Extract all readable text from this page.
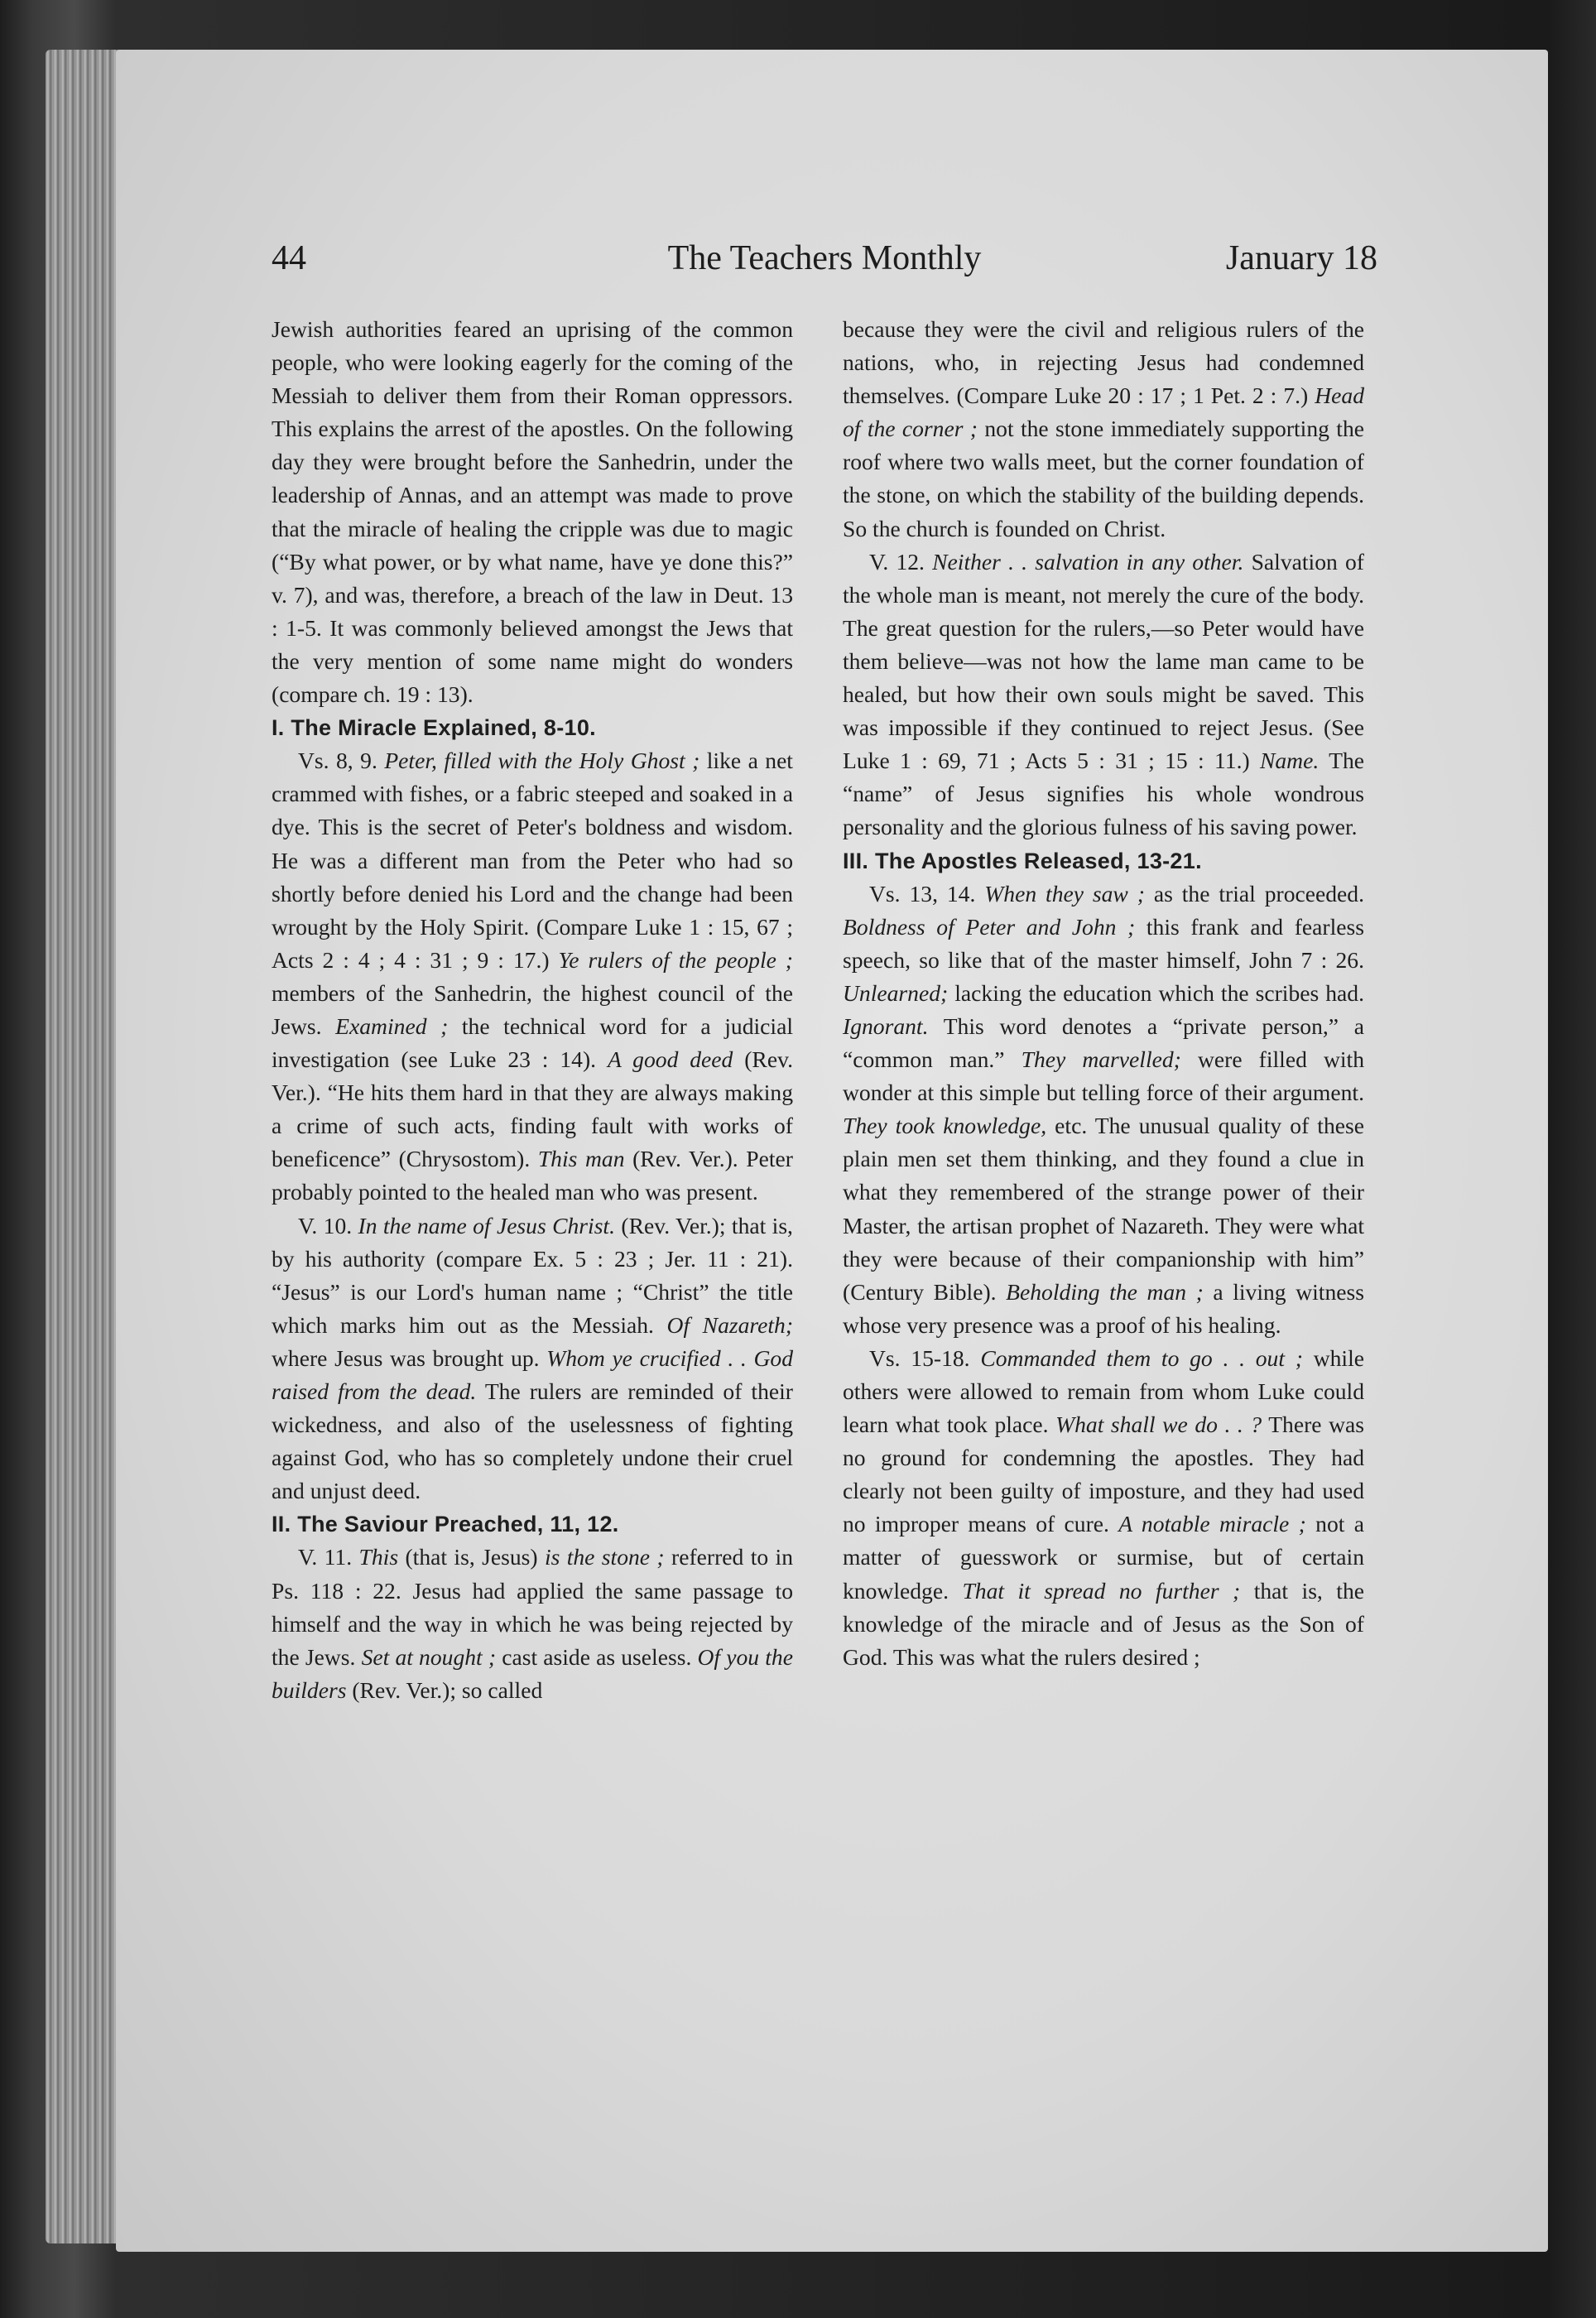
44	The Teachers Monthly	January 18

Jewish authorities feared an uprising of the common people, who were looking eagerly for the coming of the Messiah to deliver them from their Roman oppressors. This explains the arrest of the apostles. On the following day they were brought before the Sanhedrin, under the leadership of Annas, and an attempt was made to prove that the miracle of healing the cripple was due to magic (“By what power, or by what name, have ye done this?” v. 7), and was, therefore, a breach of the law in Deut. 13 : 1-5. It was commonly believed amongst the Jews that the very mention of some name might do wonders (compare ch. 19 : 13).

I. The Miracle Explained, 8-10.

Vs. 8, 9. Peter, filled with the Holy Ghost ; like a net crammed with fishes, or a fabric steeped and soaked in a dye. This is the secret of Peter's boldness and wisdom. He was a different man from the Peter who had so shortly before denied his Lord and the change had been wrought by the Holy Spirit. (Compare Luke 1 : 15, 67 ; Acts 2 : 4 ; 4 : 31 ; 9 : 17.) Ye rulers of the people ; members of the Sanhedrin, the highest council of the Jews. Examined ; the technical word for a judicial investigation (see Luke 23 : 14). A good deed (Rev. Ver.). “He hits them hard in that they are always making a crime of such acts, finding fault with works of beneficence” (Chrysostom). This man (Rev. Ver.). Peter probably pointed to the healed man who was present.

V. 10. In the name of Jesus Christ. (Rev. Ver.); that is, by his authority (compare Ex. 5 : 23 ; Jer. 11 : 21). “Jesus” is our Lord's human name ; “Christ” the title which marks him out as the Messiah. Of Nazareth; where Jesus was brought up. Whom ye crucified . . God raised from the dead. The rulers are reminded of their wickedness, and also of the uselessness of fighting against God, who has so completely undone their cruel and unjust deed.

II. The Saviour Preached, 11, 12.

V. 11. This (that is, Jesus) is the stone ; referred to in Ps. 118 : 22. Jesus had applied the same passage to himself and the way in which he was being rejected by the Jews. Set at nought ; cast aside as useless. Of you the builders (Rev. Ver.); so called

because they were the civil and religious rulers of the nations, who, in rejecting Jesus had condemned themselves. (Compare Luke 20 : 17 ; 1 Pet. 2 : 7.) Head of the corner ; not the stone immediately supporting the roof where two walls meet, but the corner foundation of the stone, on which the stability of the building depends. So the church is founded on Christ.

V. 12. Neither . . salvation in any other. Salvation of the whole man is meant, not merely the cure of the body. The great question for the rulers,—so Peter would have them believe—was not how the lame man came to be healed, but how their own souls might be saved. This was impossible if they continued to reject Jesus. (See Luke 1 : 69, 71 ; Acts 5 : 31 ; 15 : 11.) Name. The “name” of Jesus signifies his whole wondrous personality and the glorious fulness of his saving power.

III. The Apostles Released, 13-21.

Vs. 13, 14. When they saw ; as the trial proceeded. Boldness of Peter and John ; this frank and fearless speech, so like that of the master himself, John 7 : 26. Unlearned; lacking the education which the scribes had. Ignorant. This word denotes a “private person,” a “common man.” They marvelled; were filled with wonder at this simple but telling force of their argument. They took knowledge, etc. The unusual quality of these plain men set them thinking, and they found a clue in what they remembered of the strange power of their Master, the artisan prophet of Nazareth. They were what they were because of their companionship with him” (Century Bible). Beholding the man ; a living witness whose very presence was a proof of his healing.

Vs. 15-18. Commanded them to go . . out ; while others were allowed to remain from whom Luke could learn what took place. What shall we do . . ? There was no ground for condemning the apostles. They had clearly not been guilty of imposture, and they had used no improper means of cure. A notable miracle ; not a matter of guesswork or surmise, but of certain knowledge. That it spread no further ; that is, the knowledge of the miracle and of Jesus as the Son of God. This was what the rulers desired ;
